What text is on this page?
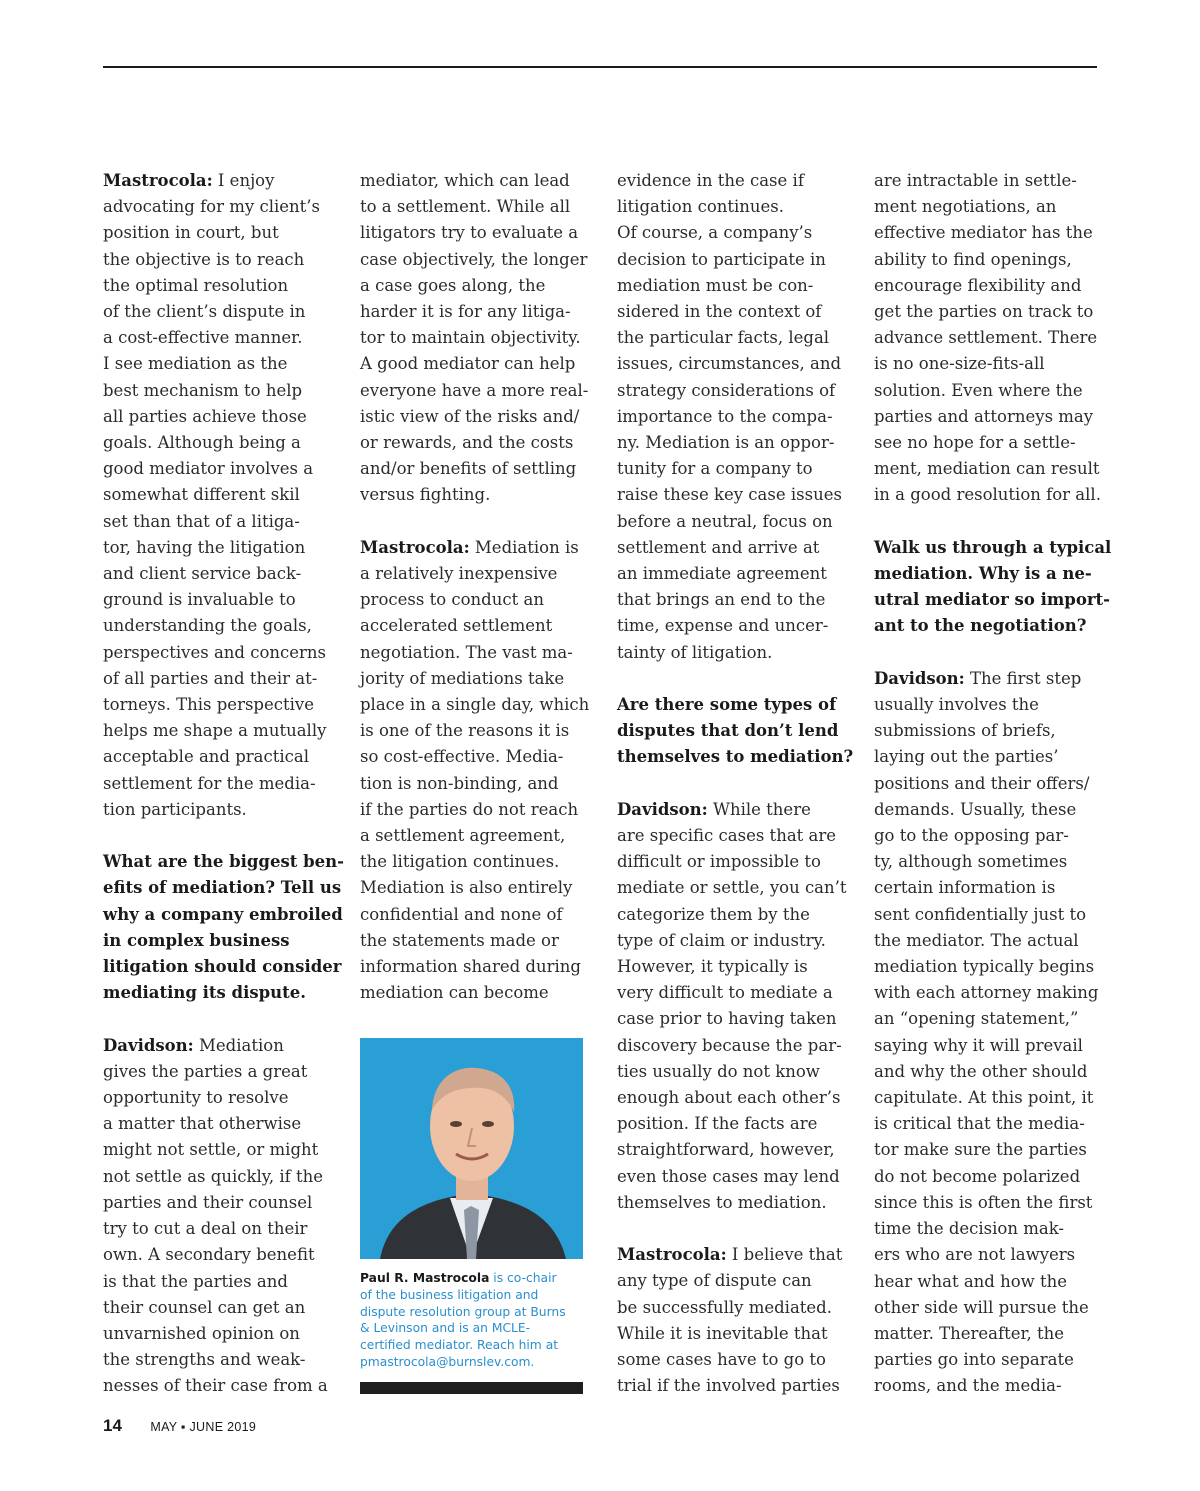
Mastrocola: I enjoy
advocating for my client’s
position in court, but
the objective is to reach
the optimal resolution
of the client’s dispute in
a cost-effective manner.
I see mediation as the
best mechanism to help
all parties achieve those
goals. Although being a
good mediator involves a
somewhat different skil
set than that of a litiga-
tor, having the litigation
and client service back-
ground is invaluable to
understanding the goals,
perspectives and concerns
of all parties and their at-
torneys. This perspective
helps me shape a mutually
acceptable and practical
settlement for the media-
tion participants.

What are the biggest ben-
efits of mediation? Tell us
why a company embroiled
in complex business
litigation should consider
mediating its dispute.

Davidson: Mediation
gives the parties a great
opportunity to resolve
a matter that otherwise
might not settle, or might
not settle as quickly, if the
parties and their counsel
try to cut a deal on their
own. A secondary benefit
is that the parties and
their counsel can get an
unvarnished opinion on
the strengths and weak-
nesses of their case from a

mediator, which can lead
to a settlement. While all
litigators try to evaluate a
case objectively, the longer
a case goes along, the
harder it is for any litiga-
tor to maintain objectivity.
A good mediator can help
everyone have a more real-
istic view of the risks and/
or rewards, and the costs
and/or benefits of settling
versus fighting.

Mastrocola: Mediation is
a relatively inexpensive
process to conduct an
accelerated settlement
negotiation. The vast ma-
jority of mediations take
place in a single day, which
is one of the reasons it is
so cost-effective. Media-
tion is non-binding, and
if the parties do not reach
a settlement agreement,
the litigation continues.
Mediation is also entirely
confidential and none of
the statements made or
information shared during
mediation can become

Paul R. Mastrocola is co-chair
of the business litigation and
dispute resolution group at Burns
& Levinson and is an MCLE-
certified mediator. Reach him at
pmastrocola@burnslev.com.

evidence in the case if
litigation continues.
Of course, a company’s
decision to participate in
mediation must be con-
sidered in the context of
the particular facts, legal
issues, circumstances, and
strategy considerations of
importance to the compa-
ny. Mediation is an oppor-
tunity for a company to
raise these key case issues
before a neutral, focus on
settlement and arrive at
an immediate agreement
that brings an end to the
time, expense and uncer-
tainty of litigation.

Are there some types of
disputes that don’t lend
themselves to mediation?

Davidson: While there
are specific cases that are
difficult or impossible to
mediate or settle, you can’t
categorize them by the
type of claim or industry.
However, it typically is
very difficult to mediate a
case prior to having taken
discovery because the par-
ties usually do not know
enough about each other’s
position. If the facts are
straightforward, however,
even those cases may lend
themselves to mediation.

Mastrocola: I believe that
any type of dispute can
be successfully mediated.
While it is inevitable that
some cases have to go to
trial if the involved parties

are intractable in settle-
ment negotiations, an
effective mediator has the
ability to find openings,
encourage flexibility and
get the parties on track to
advance settlement. There
is no one-size-fits-all
solution. Even where the
parties and attorneys may
see no hope for a settle-
ment, mediation can result
in a good resolution for all.

Walk us through a typical
mediation. Why is a ne-
utral mediator so import-
ant to the negotiation?

Davidson: The first step
usually involves the
submissions of briefs,
laying out the parties’
positions and their offers/
demands. Usually, these
go to the opposing par-
ty, although sometimes
certain information is
sent confidentially just to
the mediator. The actual
mediation typically begins
with each attorney making
an “opening statement,”
saying why it will prevail
and why the other should
capitulate. At this point, it
is critical that the media-
tor make sure the parties
do not become polarized
since this is often the first
time the decision mak-
ers who are not lawyers
hear what and how the
other side will pursue the
matter. Thereafter, the
parties go into separate
rooms, and the media-

14 MAY ▪ JUNE 2019
